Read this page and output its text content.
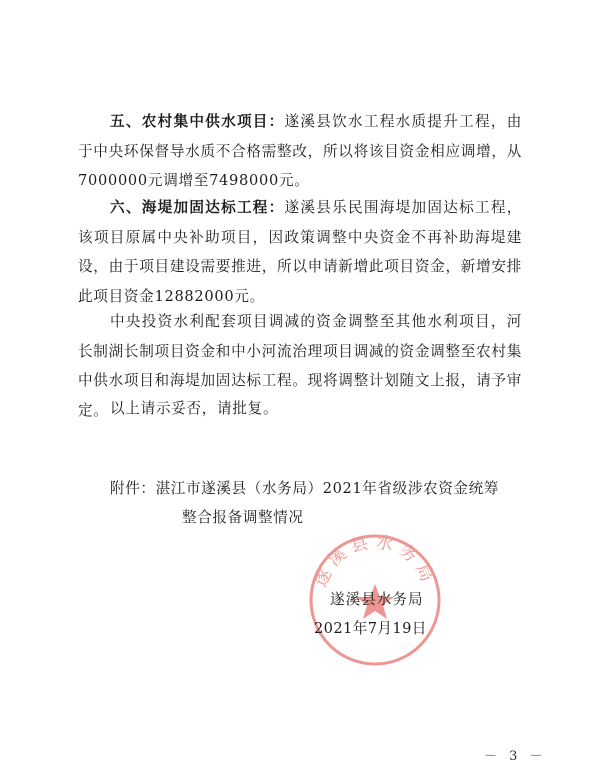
五、农村集中供水项目：遂溪县饮水工程水质提升工程，由于中央环保督导水质不合格需整改，所以将该目资金相应调增，从7000000元调增至7498000元。

六、海堤加固达标工程：遂溪县乐民围海堤加固达标工程，该项目原属中央补助项目，因政策调整中央资金不再补助海堤建设，由于项目建设需要推进，所以申请新增此项目资金，新增安排此项目资金12882000元。

中央投资水利配套项目调减的资金调整至其他水利项目，河长制湖长制项目资金和中小河流治理项目调减的资金调整至农村集中供水项目和海堤加固达标工程。现将调整计划随文上报，请予审定。 以上请示妥否，请批复。

附件：湛江市遂溪县（水务局）2021年省级涉农资金统筹
整合报备调整情况
遂溪县水务局
遂溪县水务局
2021年7月19日
－ 3 －
